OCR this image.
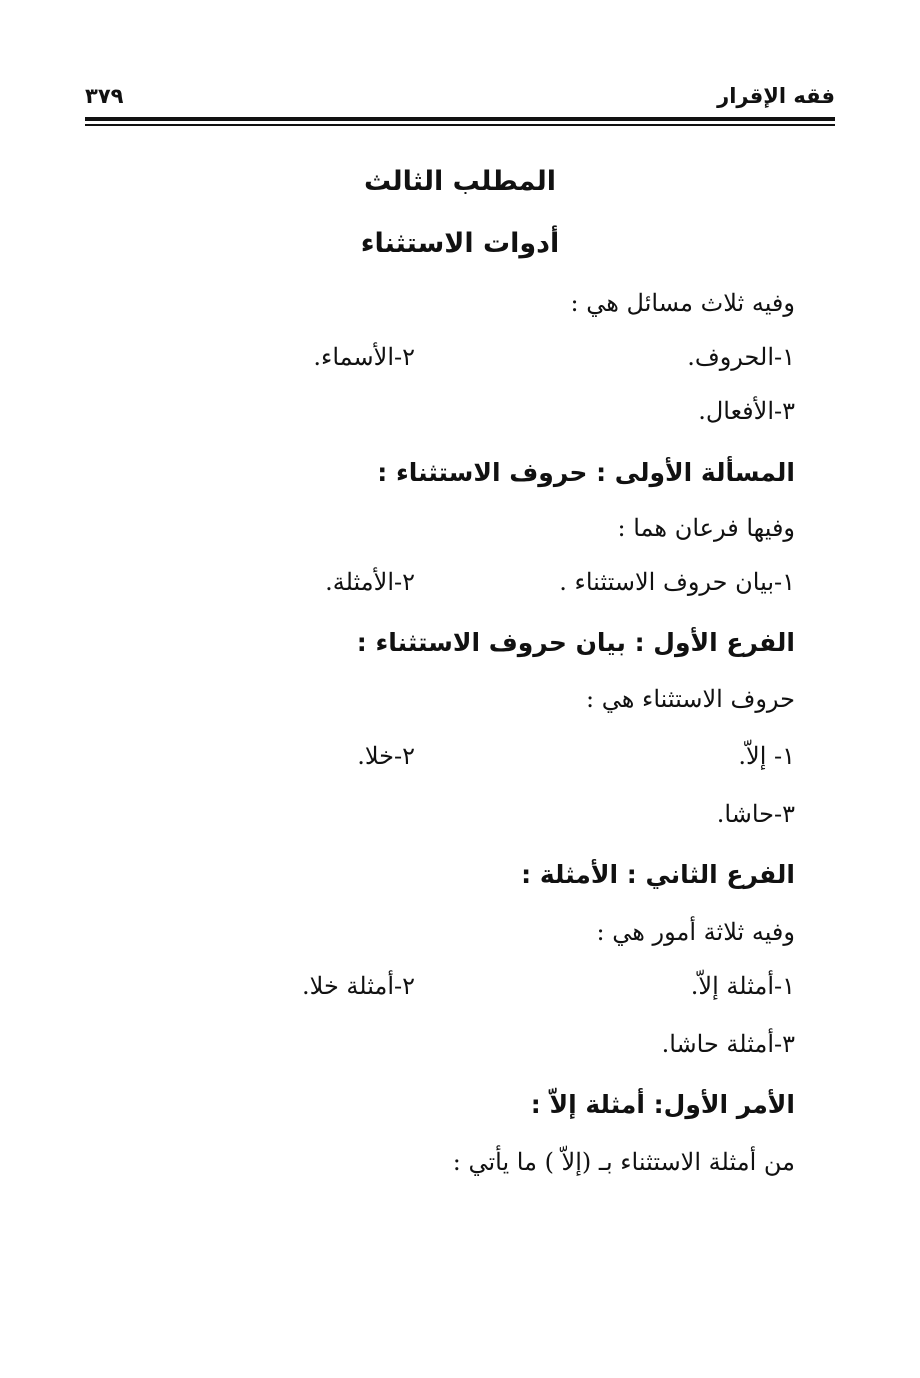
فقه الإقرار
٣٧٩
المطلب الثالث
أدوات الاستثناء
وفيه ثلاث مسائل هي :
١-الحروف.
٢-الأسماء.
٣-الأفعال.
المسألة الأولى : حروف الاستثناء :
وفيها فرعان هما :
١-بيان حروف الاستثناء .
٢-الأمثلة.
الفرع الأول : بيان حروف الاستثناء :
حروف الاستثناء هي :
١- إلاّ.
٢-خلا.
٣-حاشا.
الفرع الثاني : الأمثلة :
وفيه ثلاثة أمور هي :
١-أمثلة إلاّ.
٢-أمثلة خلا.
٣-أمثلة حاشا.
الأمر الأول: أمثلة إلاّ :
من أمثلة الاستثناء بـ (إلاّ ) ما يأتي :
